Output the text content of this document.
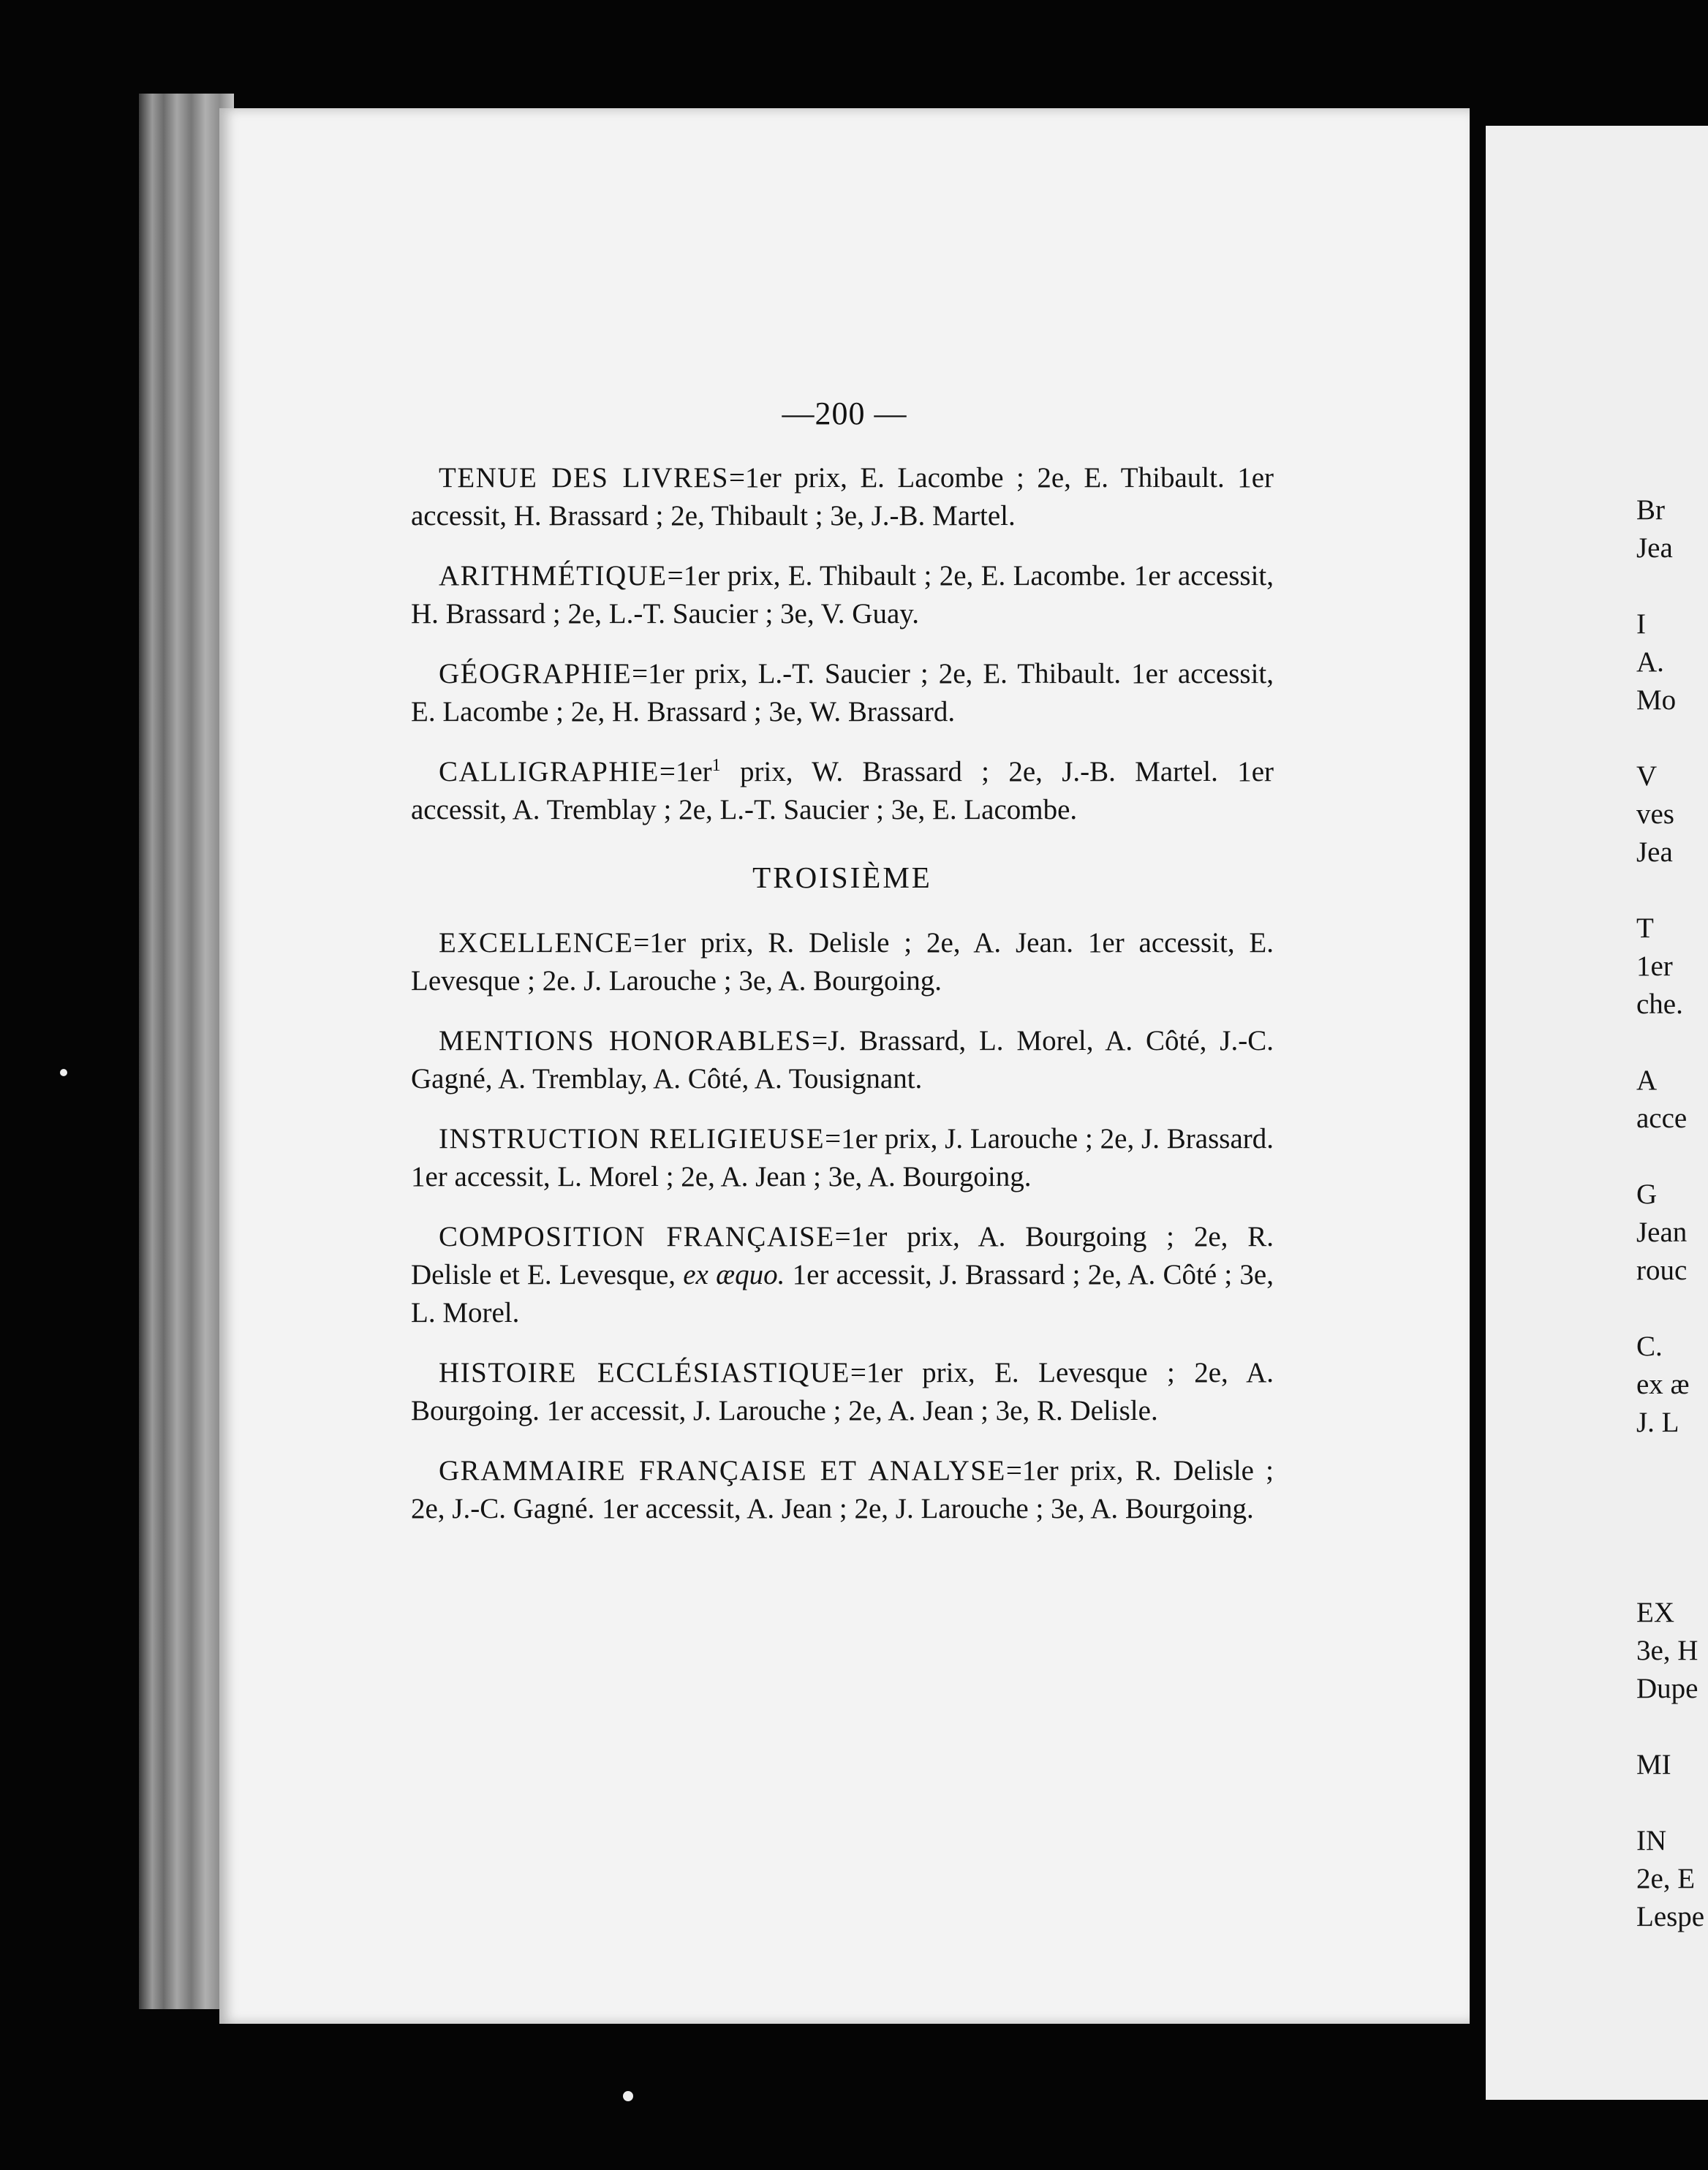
—200 —

TENUE DES LIVRES=1er prix, E. Lacombe ; 2e, E. Thibault. 1er accessit, H. Brassard ; 2e, Thibault ; 3e, J.-B. Martel.

ARITHMÉTIQUE=1er prix, E. Thibault ; 2e, E. Lacombe. 1er accessit, H. Brassard ; 2e, L.-T. Saucier ; 3e, V. Guay.

GÉOGRAPHIE=1er prix, L.-T. Saucier ; 2e, E. Thibault. 1er accessit, E. Lacombe ; 2e, H. Brassard ; 3e, W. Brassard.

$CALLIGRAPHIE=1er^1$ prix, W. Brassard ; 2e, J.-B. Martel. 1er accessit, A. Tremblay ; 2e, L.-T. Saucier ; 3e, E. Lacombe.

TROISIÈME

EXCELLENCE=1er prix, R. Delisle ; 2e, A. Jean. 1er accessit, E. Levesque ; 2e. J. Larouche ; 3e, A. Bourgoing.

MENTIONS HONORABLES=J. Brassard, L. Morel, A. Côté, J.-C. Gagné, A. Tremblay, A. Côté, A. Tousignant.

INSTRUCTION RELIGIEUSE=1er prix, J. Larouche ; 2e, J. Brassard. 1er accessit, L. Morel ; 2e, A. Jean ; 3e, A. Bourgoing.

COMPOSITION FRANÇAISE=1er prix, A. Bourgoing ; 2e, R. Delisle et E. Levesque, ex æquo. 1er accessit, J. Brassard ; 2e, A. Côté ; 3e, L. Morel.

HISTOIRE ECCLÉSIASTIQUE=1er prix, E. Levesque ; 2e, A. Bourgoing. 1er accessit, J. Larouche ; 2e, A. Jean ; 3e, R. Delisle.

GRAMMAIRE FRANÇAISE ET ANALYSE=1er prix, R. Delisle ; 2e, J.-C. Gagné. 1er accessit, A. Jean ; 2e, J. Larouche ; 3e, A. Bourgoing.

Br
Jea
I
A.
Mo
V
ves
Jea
T
1er
che.
A
acce
G
Jean
rouc
C.
ex æ
J. L
EX
3e, H
Dupe
MI
IN
2e, E
Lespe
